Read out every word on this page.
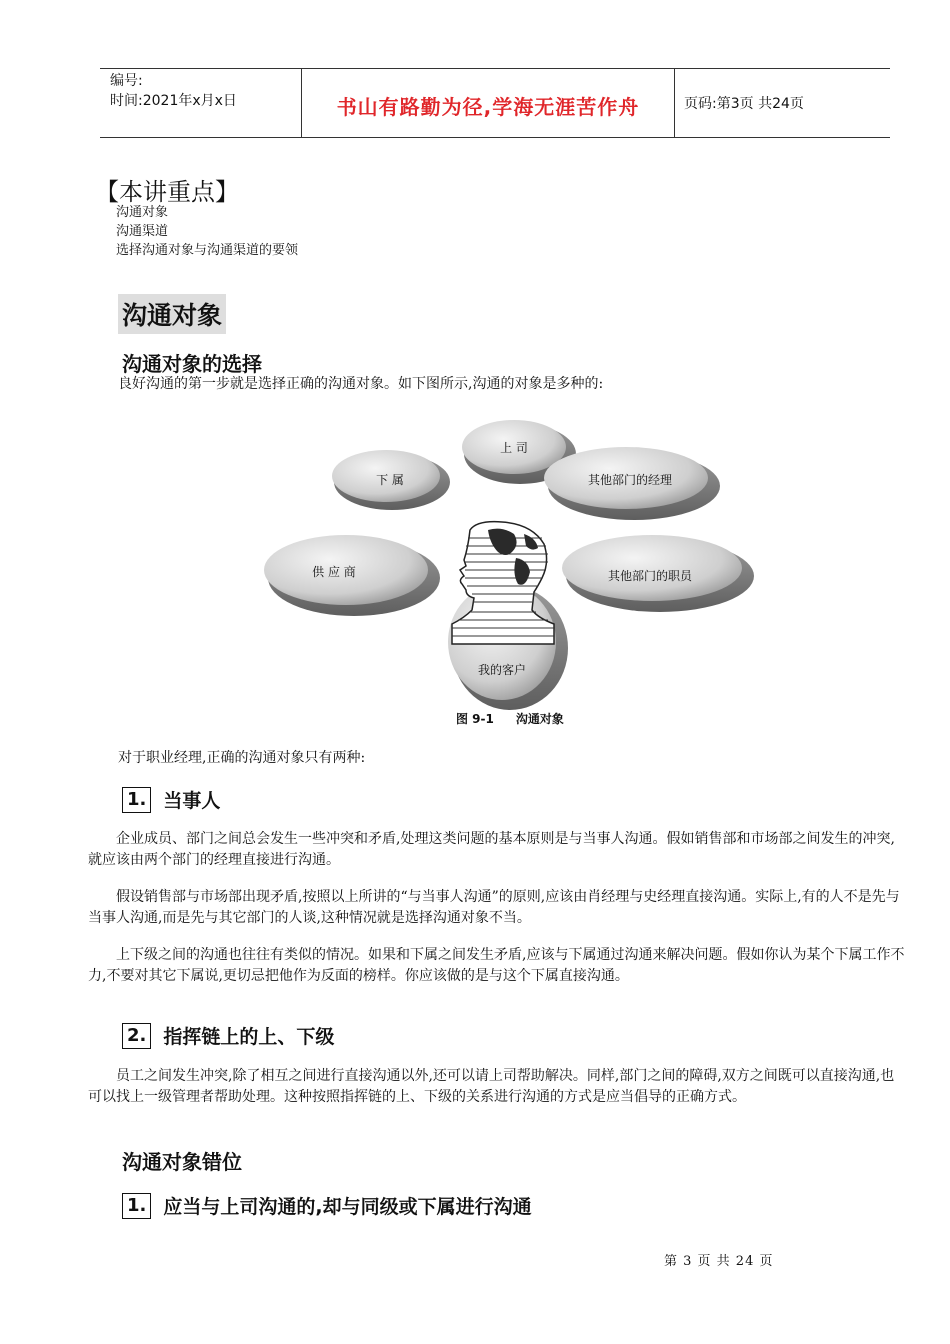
编号:
时间:2021年x月x日	书山有路勤为径,学海无涯苦作舟	页码:第3页 共24页
【本讲重点】
沟通对象
沟通渠道
选择沟通对象与沟通渠道的要领
沟通对象
沟通对象的选择
良好沟通的第一步就是选择正确的沟通对象。如下图所示,沟通的对象是多种的:
上 司
下 属	其他部门的经理
供 应 商	其他部门的职员
我的客户
图 9-1 沟通对象
对于职业经理,正确的沟通对象只有两种:
1. 当事人
企业成员、部门之间总会发生一些冲突和矛盾,处理这类问题的基本原则是与当事人沟通。假如销售部和市场部之间发生的冲突,就应该由两个部门的经理直接进行沟通。
假设销售部与市场部出现矛盾,按照以上所讲的“与当事人沟通”的原则,应该由肖经理与史经理直接沟通。实际上,有的人不是先与当事人沟通,而是先与其它部门的人谈,这种情况就是选择沟通对象不当。
上下级之间的沟通也往往有类似的情况。如果和下属之间发生矛盾,应该与下属通过沟通来解决问题。假如你认为某个下属工作不力,不要对其它下属说,更切忌把他作为反面的榜样。你应该做的是与这个下属直接沟通。
2. 指挥链上的上、下级
员工之间发生冲突,除了相互之间进行直接沟通以外,还可以请上司帮助解决。同样,部门之间的障碍,双方之间既可以直接沟通,也可以找上一级管理者帮助处理。这种按照指挥链的上、下级的关系进行沟通的方式是应当倡导的正确方式。
沟通对象错位
1. 应当与上司沟通的,却与同级或下属进行沟通
第 3 页 共 24 页
